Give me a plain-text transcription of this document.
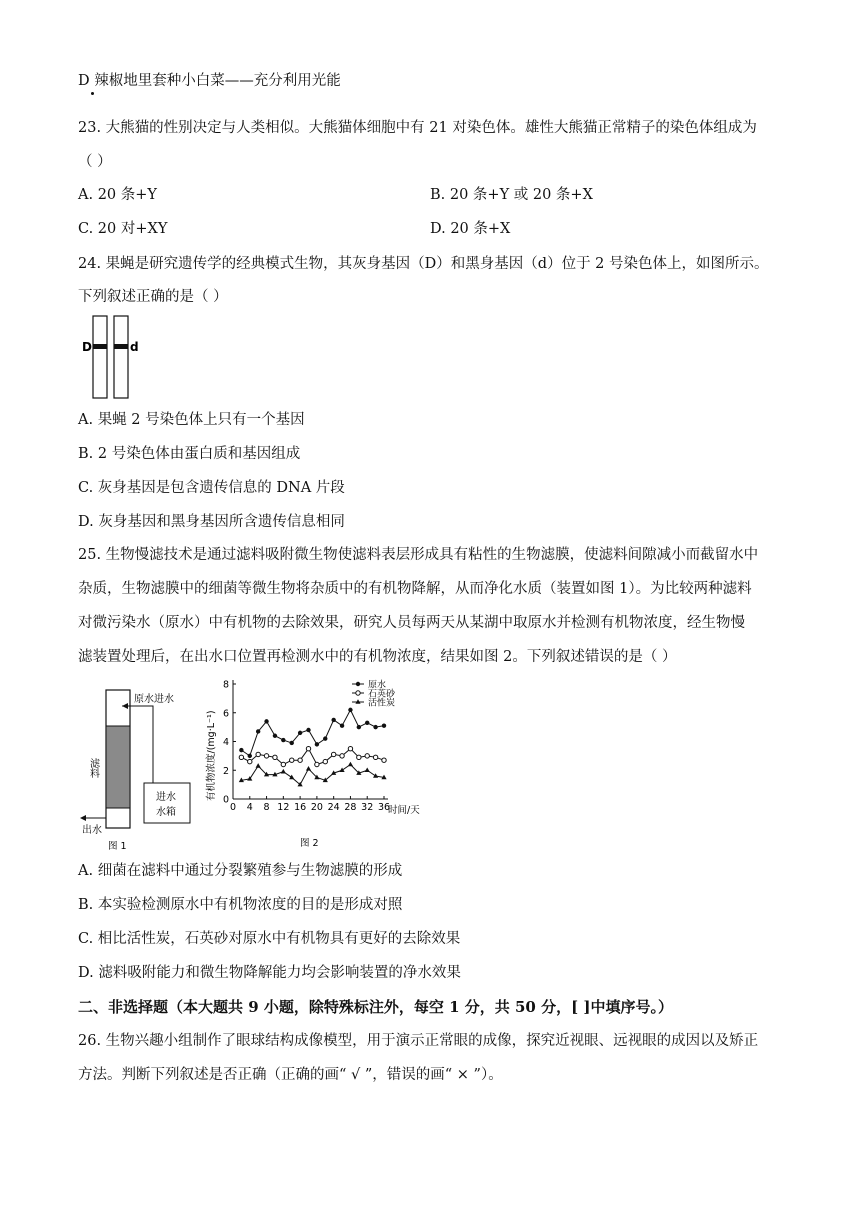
D 辣椒地里套种小白菜——充分利用光能
23. 大熊猫的性别决定与人类相似。大熊猫体细胞中有 21 对染色体。雄性大熊猫正常精子的染色体组成为
（ ）
A. 20 条+Y	B. 20 条+Y 或 20 条+X
C. 20 对+XY	D. 20 条+X
24. 果蝇是研究遗传学的经典模式生物，其灰身基因（D）和黑身基因（d）位于 2 号染色体上，如图所示。
下列叙述正确的是（ ）
D	d
A. 果蝇 2 号染色体上只有一个基因
B. 2 号染色体由蛋白质和基因组成
C. 灰身基因是包含遗传信息的 DNA 片段
D. 灰身基因和黑身基因所含遗传信息相同
25. 生物慢滤技术是通过滤料吸附微生物使滤料表层形成具有粘性的生物滤膜，使滤料间隙减小而截留水中
杂质，生物滤膜中的细菌等微生物将杂质中的有机物降解，从而净化水质（装置如图 1）。为比较两种滤料
对微污染水（原水）中有机物的去除效果，研究人员每两天从某湖中取原水并检测有机物浓度，经生物慢
滤装置处理后，在出水口位置再检测水中的有机物浓度，结果如图 2。下列叙述错误的是（ ）
滤料
原水进水
进水
水箱
出水
图 1
0
2
4
6
8
0 4 8 12 16 20 24 28 32 36
原水
石英砂
活性炭
有机物浓度/(mg·L⁻¹)
时间/天
图 2
A. 细菌在滤料中通过分裂繁殖参与生物滤膜的形成
B. 本实验检测原水中有机物浓度的目的是形成对照
C. 相比活性炭，石英砂对原水中有机物具有更好的去除效果
D. 滤料吸附能力和微生物降解能力均会影响装置的净水效果
二、非选择题（本大题共 9 小题，除特殊标注外，每空 1 分，共 50 分，[ ]中填序号。）
26. 生物兴趣小组制作了眼球结构成像模型，用于演示正常眼的成像，探究近视眼、远视眼的成因以及矫正
方法。判断下列叙述是否正确（正确的画“ √ ”，错误的画“ × ”）。
